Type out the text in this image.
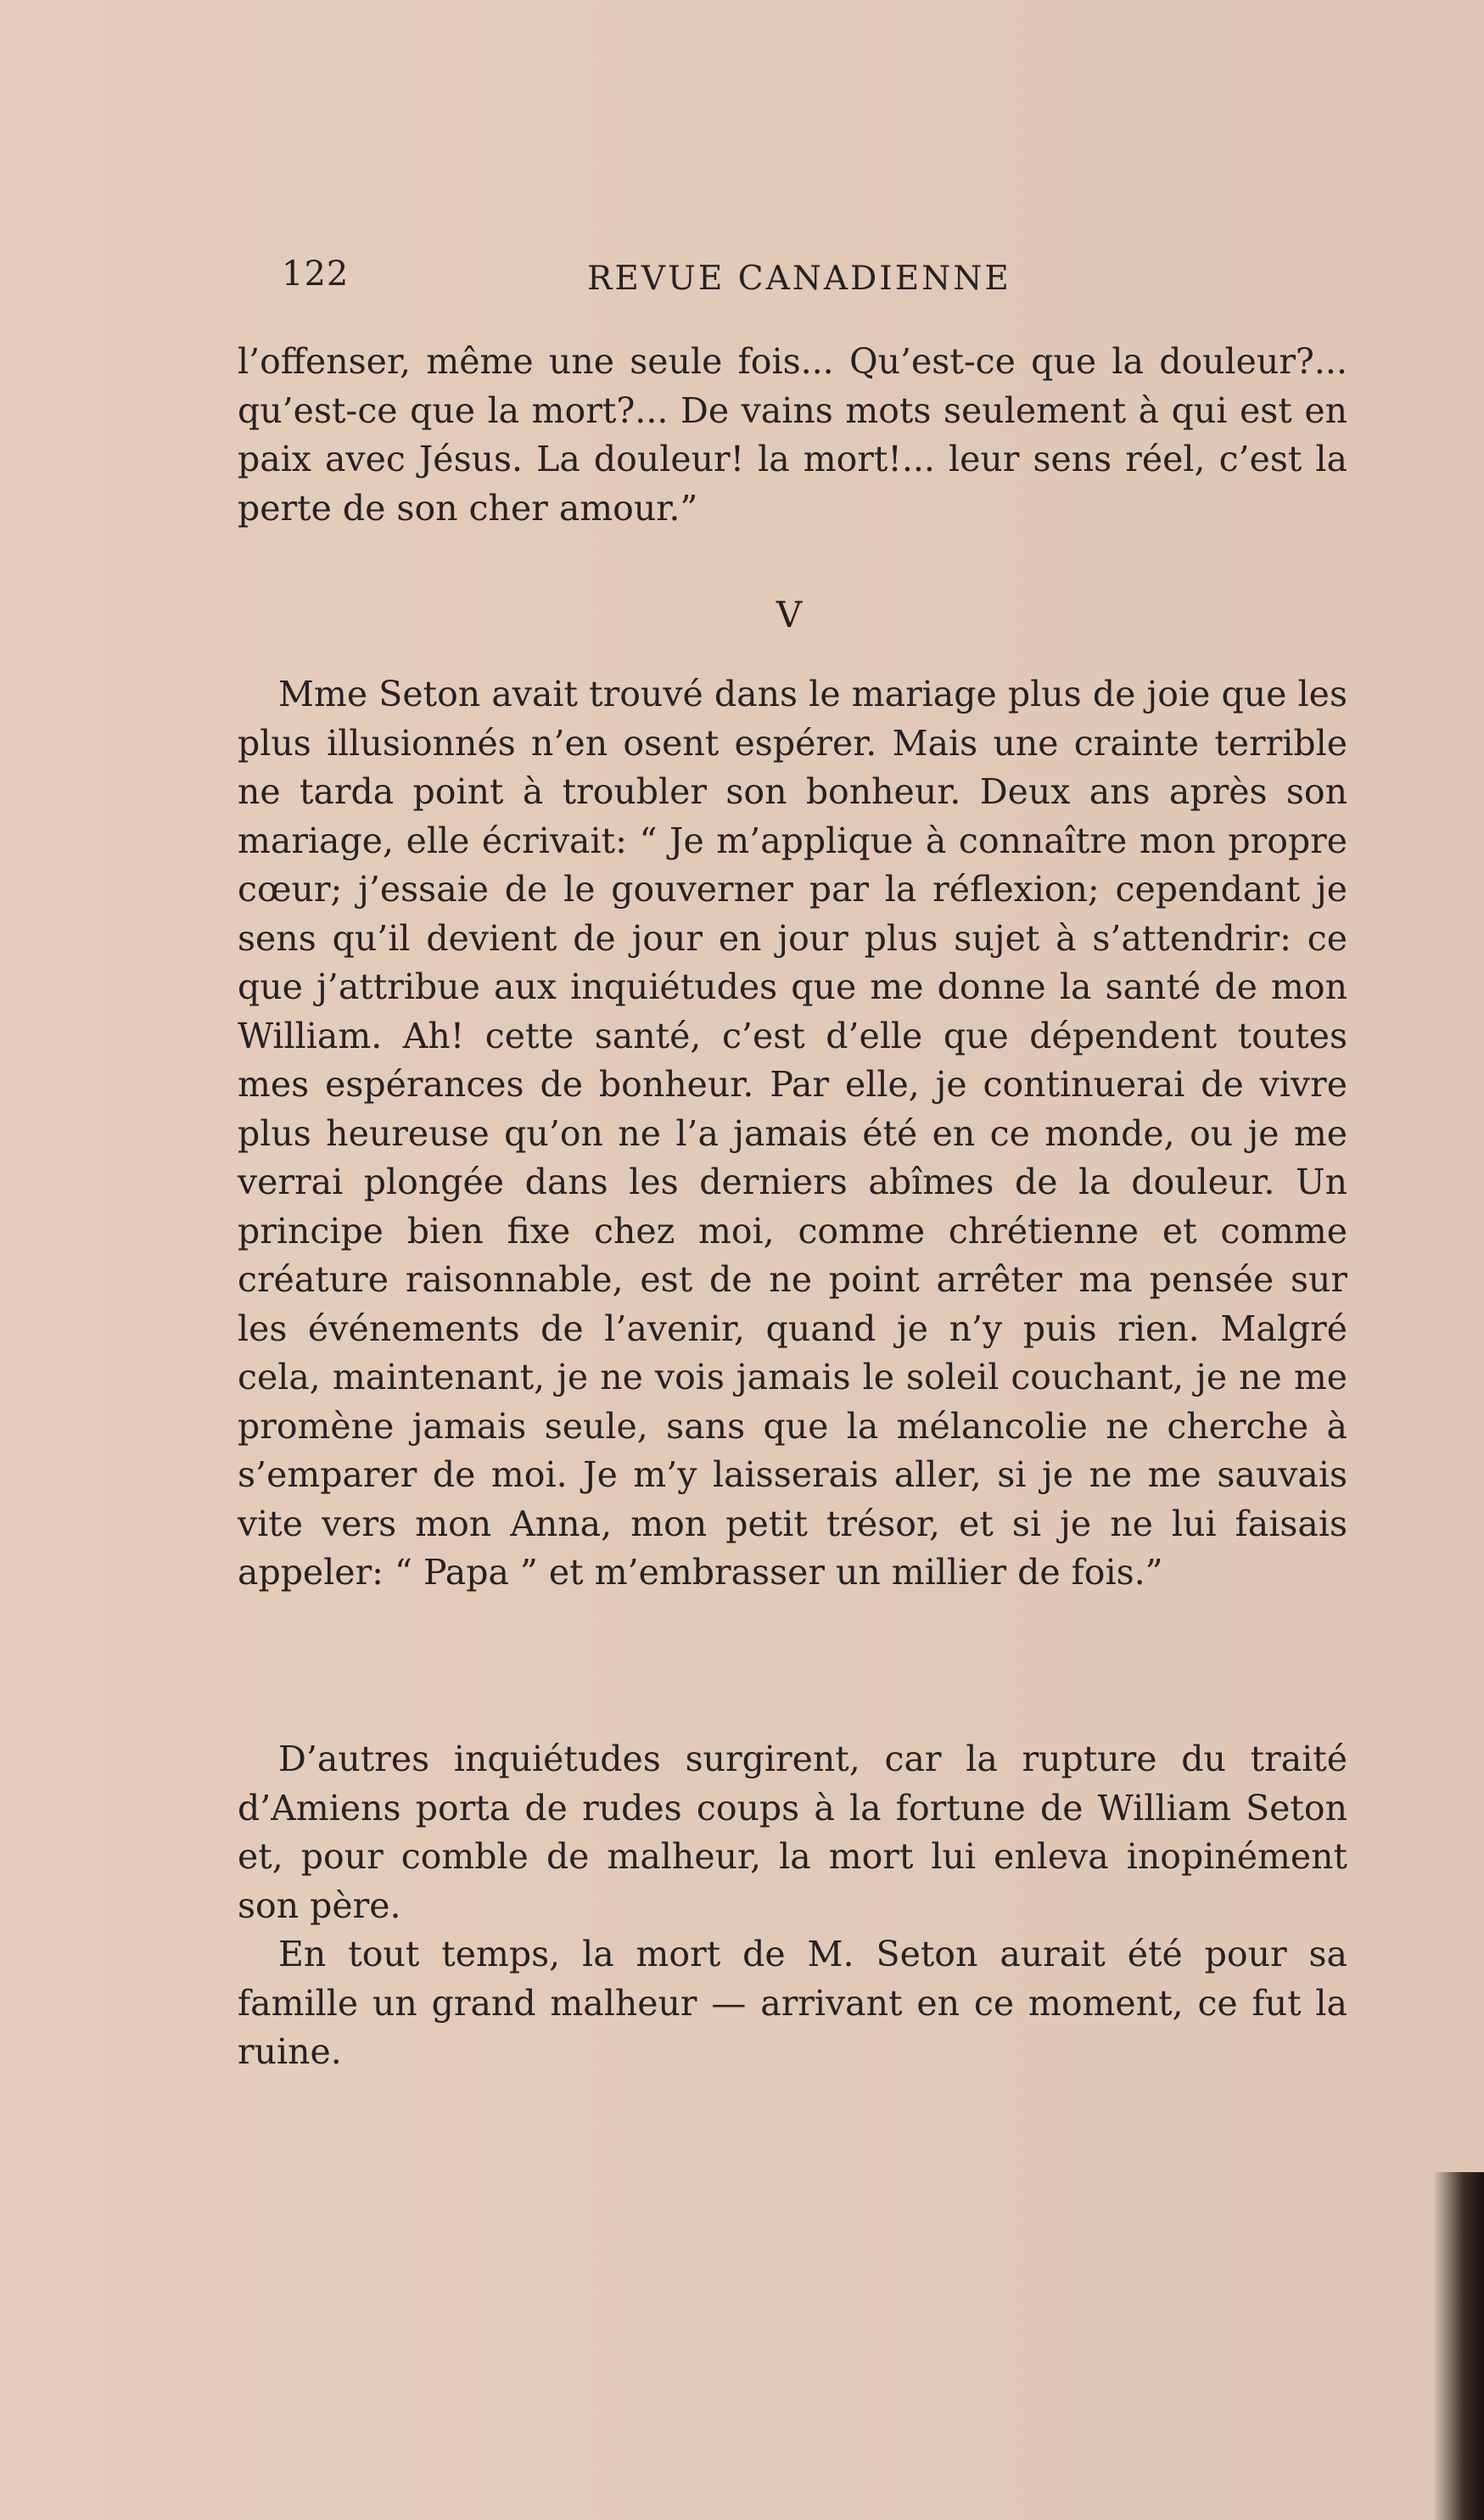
122	REVUE CANADIENNE

l’offenser, même une seule fois... Qu’est-ce que la douleur?... qu’est-ce que la mort?... De vains mots seulement à qui est en paix avec Jésus. La douleur! la mort!... leur sens réel, c’est la perte de son cher amour.”

V

Mme Seton avait trouvé dans le mariage plus de joie que les plus illusionnés n’en osent espérer. Mais une crainte terrible ne tarda point à troubler son bonheur. Deux ans après son mariage, elle écrivait: “ Je m’applique à connaître mon propre cœur; j’essaie de le gouverner par la réflexion; cependant je sens qu’il devient de jour en jour plus sujet à s’attendrir: ce que j’attribue aux inquiétudes que me donne la santé de mon William. Ah! cette santé, c’est d’elle que dépendent toutes mes espérances de bonheur. Par elle, je continuerai de vivre plus heureuse qu’on ne l’a jamais été en ce monde, ou je me verrai plongée dans les derniers abîmes de la douleur. Un principe bien fixe chez moi, comme chrétienne et comme créature raisonnable, est de ne point arrêter ma pensée sur les événements de l’avenir, quand je n’y puis rien. Malgré cela, maintenant, je ne vois jamais le soleil couchant, je ne me promène jamais seule, sans que la mélancolie ne cherche à s’emparer de moi. Je m’y laisserais aller, si je ne me sauvais vite vers mon Anna, mon petit trésor, et si je ne lui faisais appeler: “ Papa ” et m’embrasser un millier de fois.”

D’autres inquiétudes surgirent, car la rupture du traité d’Amiens porta de rudes coups à la fortune de William Seton et, pour comble de malheur, la mort lui enleva inopinément son père.

En tout temps, la mort de M. Seton aurait été pour sa famille un grand malheur — arrivant en ce moment, ce fut la ruine.
